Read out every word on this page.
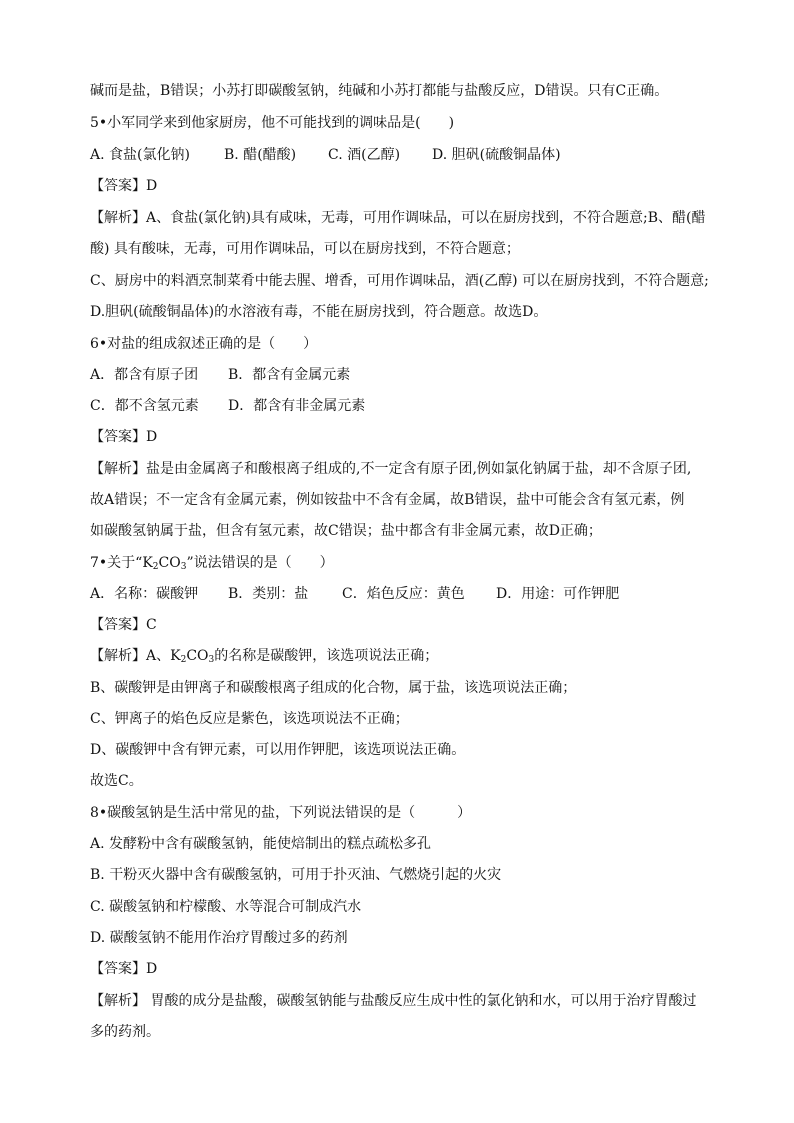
碱而是盐，B错误；小苏打即碳酸氢钠，纯碱和小苏打都能与盐酸反应，D错误。只有C正确。
5•小军同学来到他家厨房，他不可能找到的调味品是(　　)
A. 食盐(氯化钠) B. 醋(醋酸) C. 酒(乙醇) D. 胆矾(硫酸铜晶体)
【答案】D
【解析】A、食盐(氯化钠)具有咸味，无毒，可用作调味品，可以在厨房找到，不符合题意;B、醋(醋
酸) 具有酸味，无毒，可用作调味品，可以在厨房找到，不符合题意；
C、厨房中的料酒烹制菜肴中能去腥、增香，可用作调味品，酒(乙醇) 可以在厨房找到，不符合题意;
D.胆矾(硫酸铜晶体)的水溶液有毒，不能在厨房找到，符合题意。故选D。
6•对盐的组成叙述正确的是（　　）
A．都含有原子团 B．都含有金属元素
C．都不含氢元素 D．都含有非金属元素
【答案】D
【解析】盐是由金属离子和酸根离子组成的,不一定含有原子团,例如氯化钠属于盐，却不含原子团,
故A错误；不一定含有金属元素，例如铵盐中不含有金属，故B错误，盐中可能会含有氢元素，例
如碳酸氢钠属于盐，但含有氢元素，故C错误；盐中都含有非金属元素，故D正确；
7•关于“$K_2CO_3$”说法错误的是（　　）
A．名称：碳酸钾 B．类别：盐 C．焰色反应：黄色 D．用途：可作钾肥
【答案】C
【解析】A、$K_2CO_3$的名称是碳酸钾，该选项说法正确；
B、碳酸钾是由钾离子和碳酸根离子组成的化合物，属于盐，该选项说法正确；
C、钾离子的焰色反应是紫色，该选项说法不正确；
D、碳酸钾中含有钾元素，可以用作钾肥，该选项说法正确。
故选C。
8•碳酸氢钠是生活中常见的盐，下列说法错误的是（　　　）
A. 发酵粉中含有碳酸氢钠，能使焙制出的糕点疏松多孔
B. 干粉灭火器中含有碳酸氢钠，可用于扑灭油、气燃烧引起的火灾
C. 碳酸氢钠和柠檬酸、水等混合可制成汽水
D. 碳酸氢钠不能用作治疗胃酸过多的药剂
【答案】D
【解析】 胃酸的成分是盐酸，碳酸氢钠能与盐酸反应生成中性的氯化钠和水，可以用于治疗胃酸过
多的药剂。
